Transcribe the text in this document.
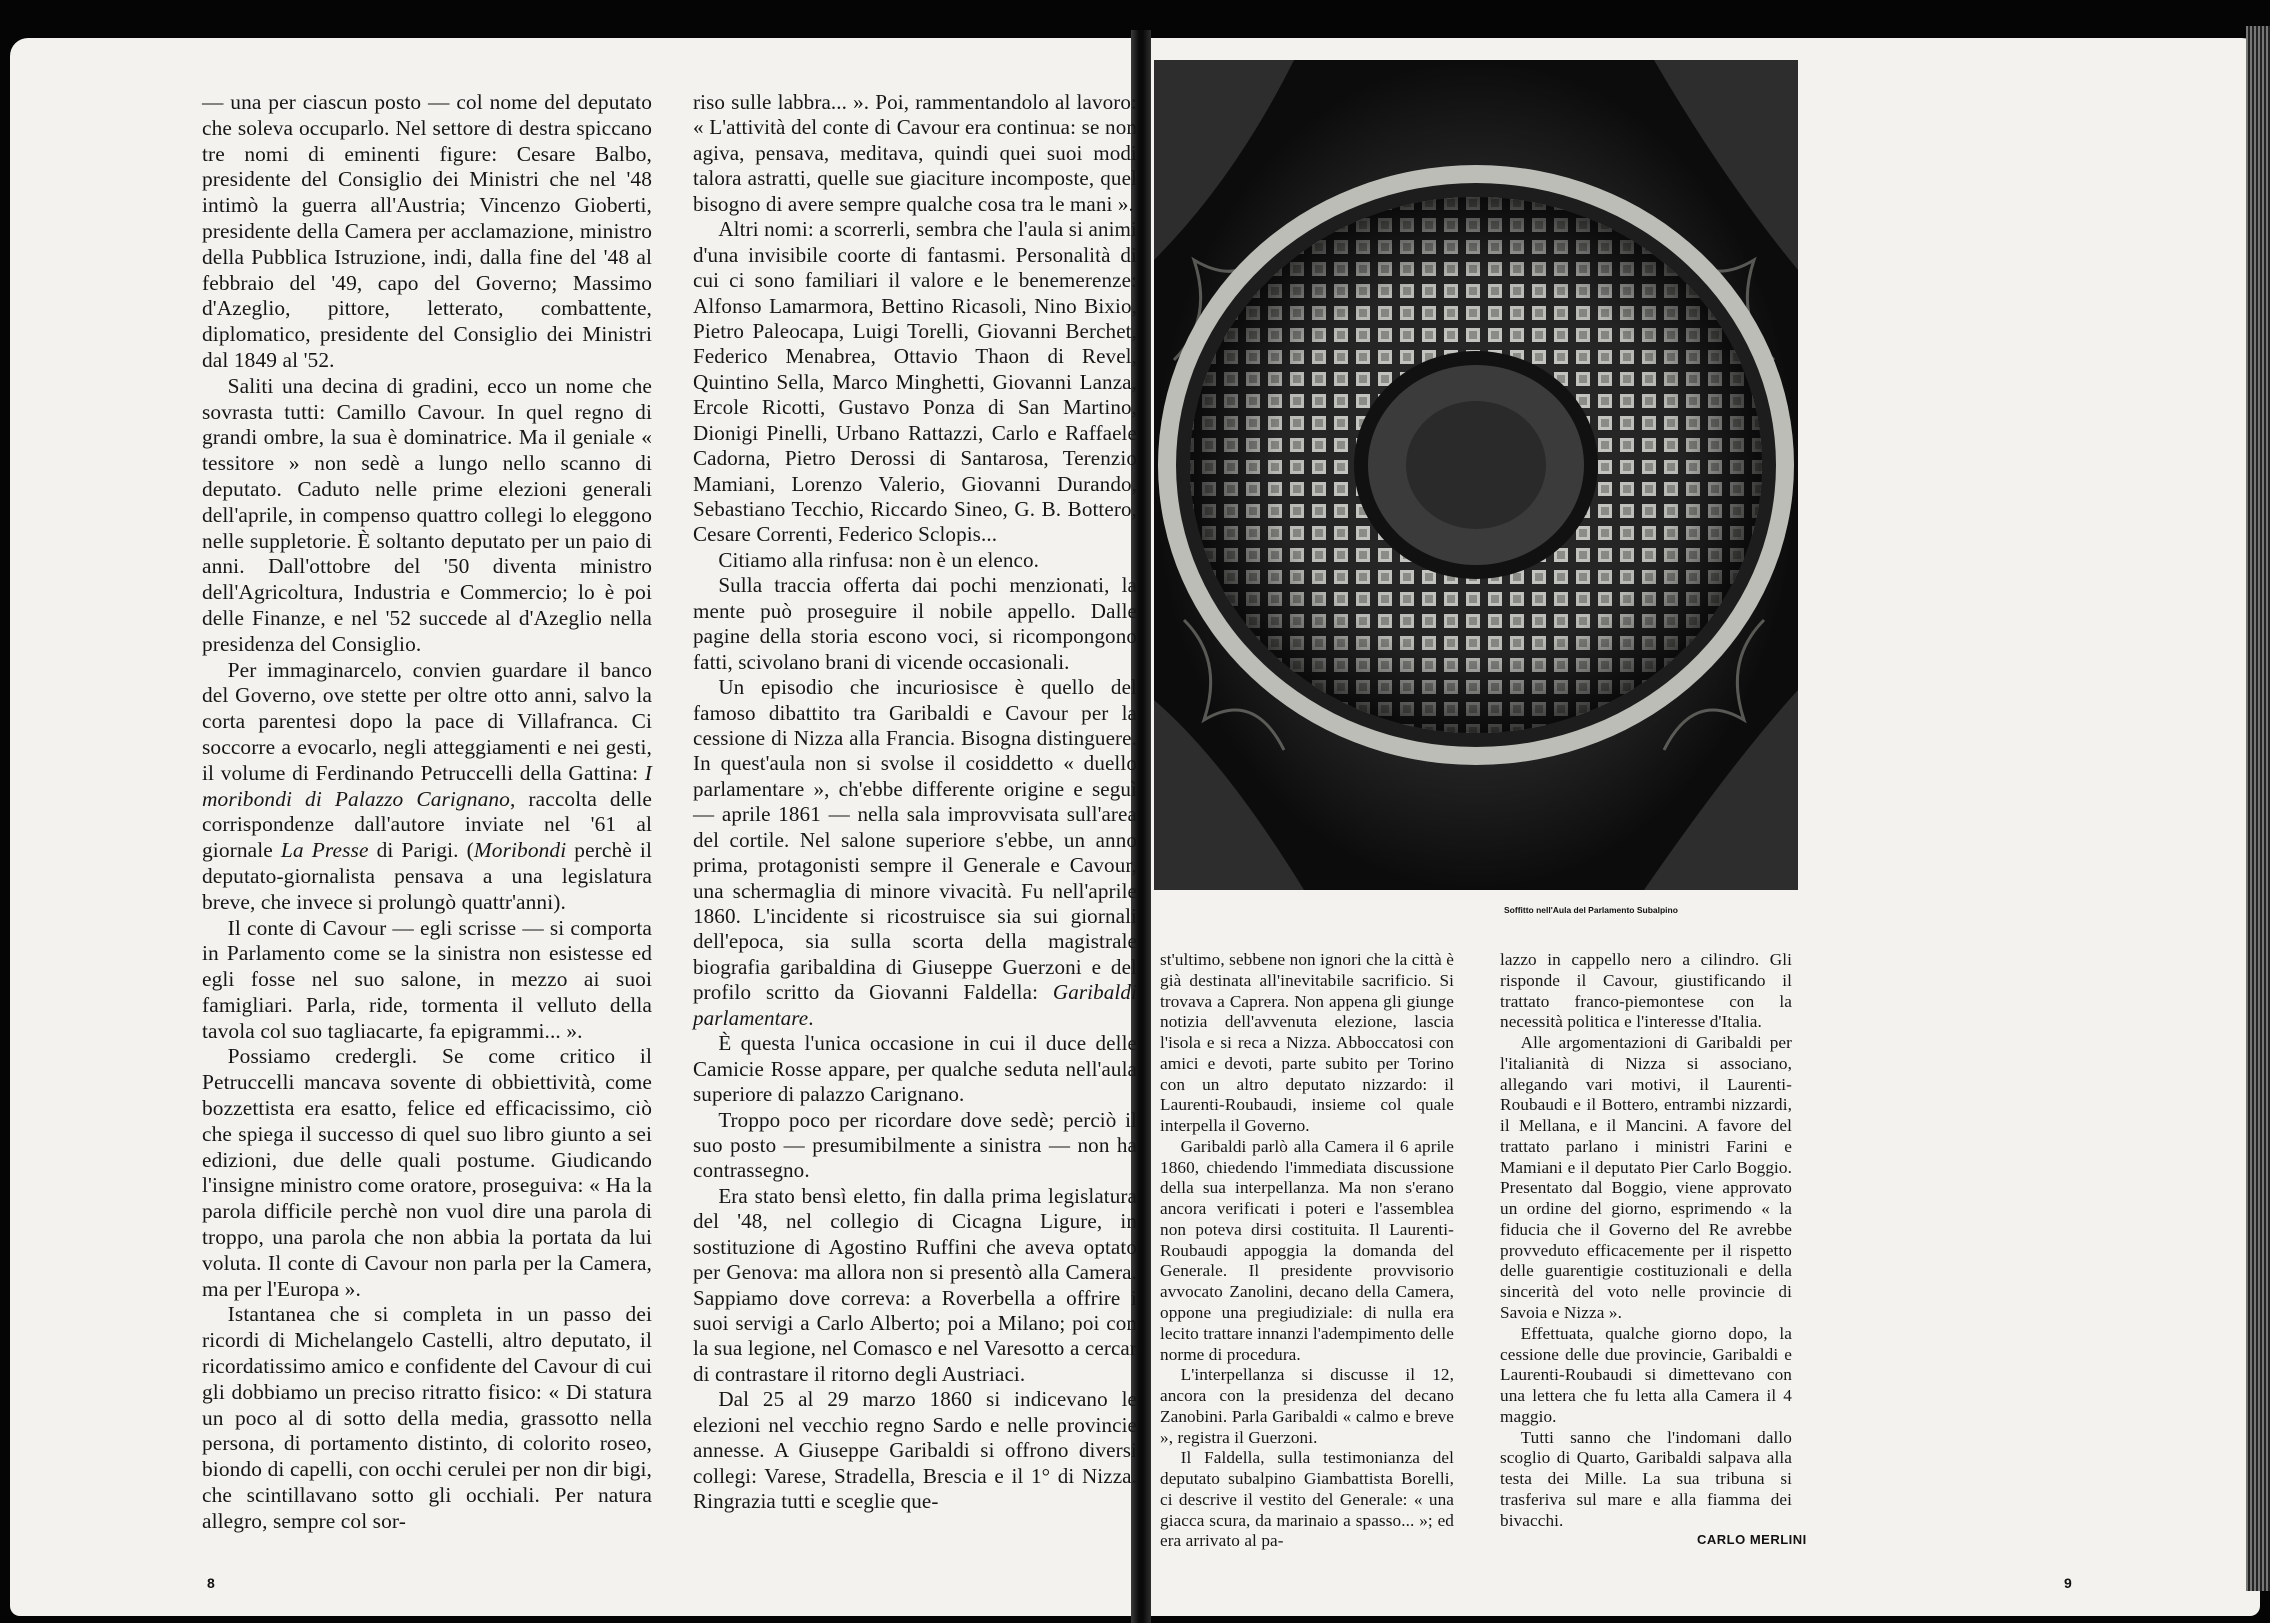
— una per ciascun posto — col nome del deputato che soleva occuparlo. Nel settore di destra spiccano tre nomi di eminenti figure: Cesare Balbo, presidente del Consiglio dei Ministri che nel '48 intimò la guerra all'Austria; Vincenzo Gioberti, presidente della Camera per acclamazione, ministro della Pubblica Istruzione, indi, dalla fine del '48 al febbraio del '49, capo del Governo; Massimo d'Azeglio, pittore, letterato, combattente, diplomatico, presidente del Consiglio dei Ministri dal 1849 al '52.

Saliti una decina di gradini, ecco un nome che sovrasta tutti: Camillo Cavour. In quel regno di grandi ombre, la sua è dominatrice. Ma il geniale « tessitore » non sedè a lungo nello scanno di deputato. Caduto nelle prime elezioni generali dell'aprile, in compenso quattro collegi lo eleggono nelle suppletorie. È soltanto deputato per un paio di anni. Dall'ottobre del '50 diventa ministro dell'Agricoltura, Industria e Commercio; lo è poi delle Finanze, e nel '52 succede al d'Azeglio nella presidenza del Consiglio.

Per immaginarcelo, convien guardare il banco del Governo, ove stette per oltre otto anni, salvo la corta parentesi dopo la pace di Villafranca. Ci soccorre a evocarlo, negli atteggiamenti e nei gesti, il volume di Ferdinando Petruccelli della Gattina: I moribondi di Palazzo Carignano, raccolta delle corrispondenze dall'autore inviate nel '61 al giornale La Presse di Parigi. (Moribondi perchè il deputato-giornalista pensava a una legislatura breve, che invece si prolungò quattr'anni).

Il conte di Cavour — egli scrisse — si comporta in Parlamento come se la sinistra non esistesse ed egli fosse nel suo salone, in mezzo ai suoi famigliari. Parla, ride, tormenta il velluto della tavola col suo tagliacarte, fa epigrammi... ».

Possiamo credergli. Se come critico il Petruccelli mancava sovente di obbiettività, come bozzettista era esatto, felice ed efficacissimo, ciò che spiega il successo di quel suo libro giunto a sei edizioni, due delle quali postume. Giudicando l'insigne ministro come oratore, proseguiva: « Ha la parola difficile perchè non vuol dire una parola di troppo, una parola che non abbia la portata da lui voluta. Il conte di Cavour non parla per la Camera, ma per l'Europa ».

Istantanea che si completa in un passo dei ricordi di Michelangelo Castelli, altro deputato, il ricordatissimo amico e confidente del Cavour di cui gli dobbiamo un preciso ritratto fisico: « Di statura un poco al di sotto della media, grassotto nella persona, di portamento distinto, di colorito roseo, biondo di capelli, con occhi cerulei per non dir bigi, che scintillavano sotto gli occhiali. Per natura allegro, sempre col sor-

riso sulle labbra... ». Poi, rammentandolo al lavoro: « L'attività del conte di Cavour era continua: se non agiva, pensava, meditava, quindi quei suoi modi talora astratti, quelle sue giaciture incomposte, quel bisogno di avere sempre qualche cosa tra le mani ».

Altri nomi: a scorrerli, sembra che l'aula si animi d'una invisibile coorte di fantasmi. Personalità di cui ci sono familiari il valore e le benemerenze: Alfonso Lamarmora, Bettino Ricasoli, Nino Bixio, Pietro Paleocapa, Luigi Torelli, Giovanni Berchet, Federico Menabrea, Ottavio Thaon di Revel, Quintino Sella, Marco Minghetti, Giovanni Lanza, Ercole Ricotti, Gustavo Ponza di San Martino, Dionigi Pinelli, Urbano Rattazzi, Carlo e Raffaele Cadorna, Pietro Derossi di Santarosa, Terenzio Mamiani, Lorenzo Valerio, Giovanni Durando, Sebastiano Tecchio, Riccardo Sineo, G. B. Bottero, Cesare Correnti, Federico Sclopis...

Citiamo alla rinfusa: non è un elenco.

Sulla traccia offerta dai pochi menzionati, la mente può proseguire il nobile appello. Dalle pagine della storia escono voci, si ricompongono fatti, scivolano brani di vicende occasionali.

Un episodio che incuriosisce è quello del famoso dibattito tra Garibaldi e Cavour per la cessione di Nizza alla Francia. Bisogna distinguere. In quest'aula non si svolse il cosiddetto « duello parlamentare », ch'ebbe differente origine e seguì — aprile 1861 — nella sala improvvisata sull'area del cortile. Nel salone superiore s'ebbe, un anno prima, protagonisti sempre il Generale e Cavour, una schermaglia di minore vivacità. Fu nell'aprile 1860. L'incidente si ricostruisce sia sui giornali dell'epoca, sia sulla scorta della magistrale biografia garibaldina di Giuseppe Guerzoni e del profilo scritto da Giovanni Faldella: Garibaldi parlamentare.

È questa l'unica occasione in cui il duce delle Camicie Rosse appare, per qualche seduta nell'aula superiore di palazzo Carignano.

Troppo poco per ricordare dove sedè; perciò il suo posto — presumibilmente a sinistra — non ha contrassegno.

Era stato bensì eletto, fin dalla prima legislatura del '48, nel collegio di Cicagna Ligure, in sostituzione di Agostino Ruffini che aveva optato per Genova: ma allora non si presentò alla Camera. Sappiamo dove correva: a Roverbella a offrire i suoi servigi a Carlo Alberto; poi a Milano; poi con la sua legione, nel Comasco e nel Varesotto a cercar di contrastare il ritorno degli Austriaci.

Dal 25 al 29 marzo 1860 si indicevano le elezioni nel vecchio regno Sardo e nelle provincie annesse. A Giuseppe Garibaldi si offrono diversi collegi: Varese, Stradella, Brescia e il 1° di Nizza. Ringrazia tutti e sceglie que-

Soffitto nell'Aula del Parlamento Subalpino

st'ultimo, sebbene non ignori che la città è già destinata all'inevitabile sacrificio. Si trovava a Caprera. Non appena gli giunge notizia dell'avvenuta elezione, lascia l'isola e si reca a Nizza. Abboccatosi con amici e devoti, parte subito per Torino con un altro deputato nizzardo: il Laurenti-Roubaudi, insieme col quale interpella il Governo.

Garibaldi parlò alla Camera il 6 aprile 1860, chiedendo l'immediata discussione della sua interpellanza. Ma non s'erano ancora verificati i poteri e l'assemblea non poteva dirsi costituita. Il Laurenti-Roubaudi appoggia la domanda del Generale. Il presidente provvisorio avvocato Zanolini, decano della Camera, oppone una pregiudiziale: di nulla era lecito trattare innanzi l'adempimento delle norme di procedura.

L'interpellanza si discusse il 12, ancora con la presidenza del decano Zanobini. Parla Garibaldi « calmo e breve », registra il Guerzoni.

Il Faldella, sulla testimonianza del deputato subalpino Giambattista Borelli, ci descrive il vestito del Generale: « una giacca scura, da marinaio a spasso... »; ed era arrivato al pa-

lazzo in cappello nero a cilindro. Gli risponde il Cavour, giustificando il trattato franco-piemontese con la necessità politica e l'interesse d'Italia.

Alle argomentazioni di Garibaldi per l'italianità di Nizza si associano, allegando vari motivi, il Laurenti-Roubaudi e il Bottero, entrambi nizzardi, il Mellana, e il Mancini. A favore del trattato parlano i ministri Farini e Mamiani e il deputato Pier Carlo Boggio. Presentato dal Boggio, viene approvato un ordine del giorno, esprimendo « la fiducia che il Governo del Re avrebbe provveduto efficacemente per il rispetto delle guarentigie costituzionali e della sincerità del voto nelle provincie di Savoia e Nizza ».

Effettuata, qualche giorno dopo, la cessione delle due provincie, Garibaldi e Laurenti-Roubaudi si dimettevano con una lettera che fu letta alla Camera il 4 maggio.

Tutti sanno che l'indomani dallo scoglio di Quarto, Garibaldi salpava alla testa dei Mille. La sua tribuna si trasferiva sul mare e alla fiamma dei bivacchi.

CARLO MERLINI
8	9
